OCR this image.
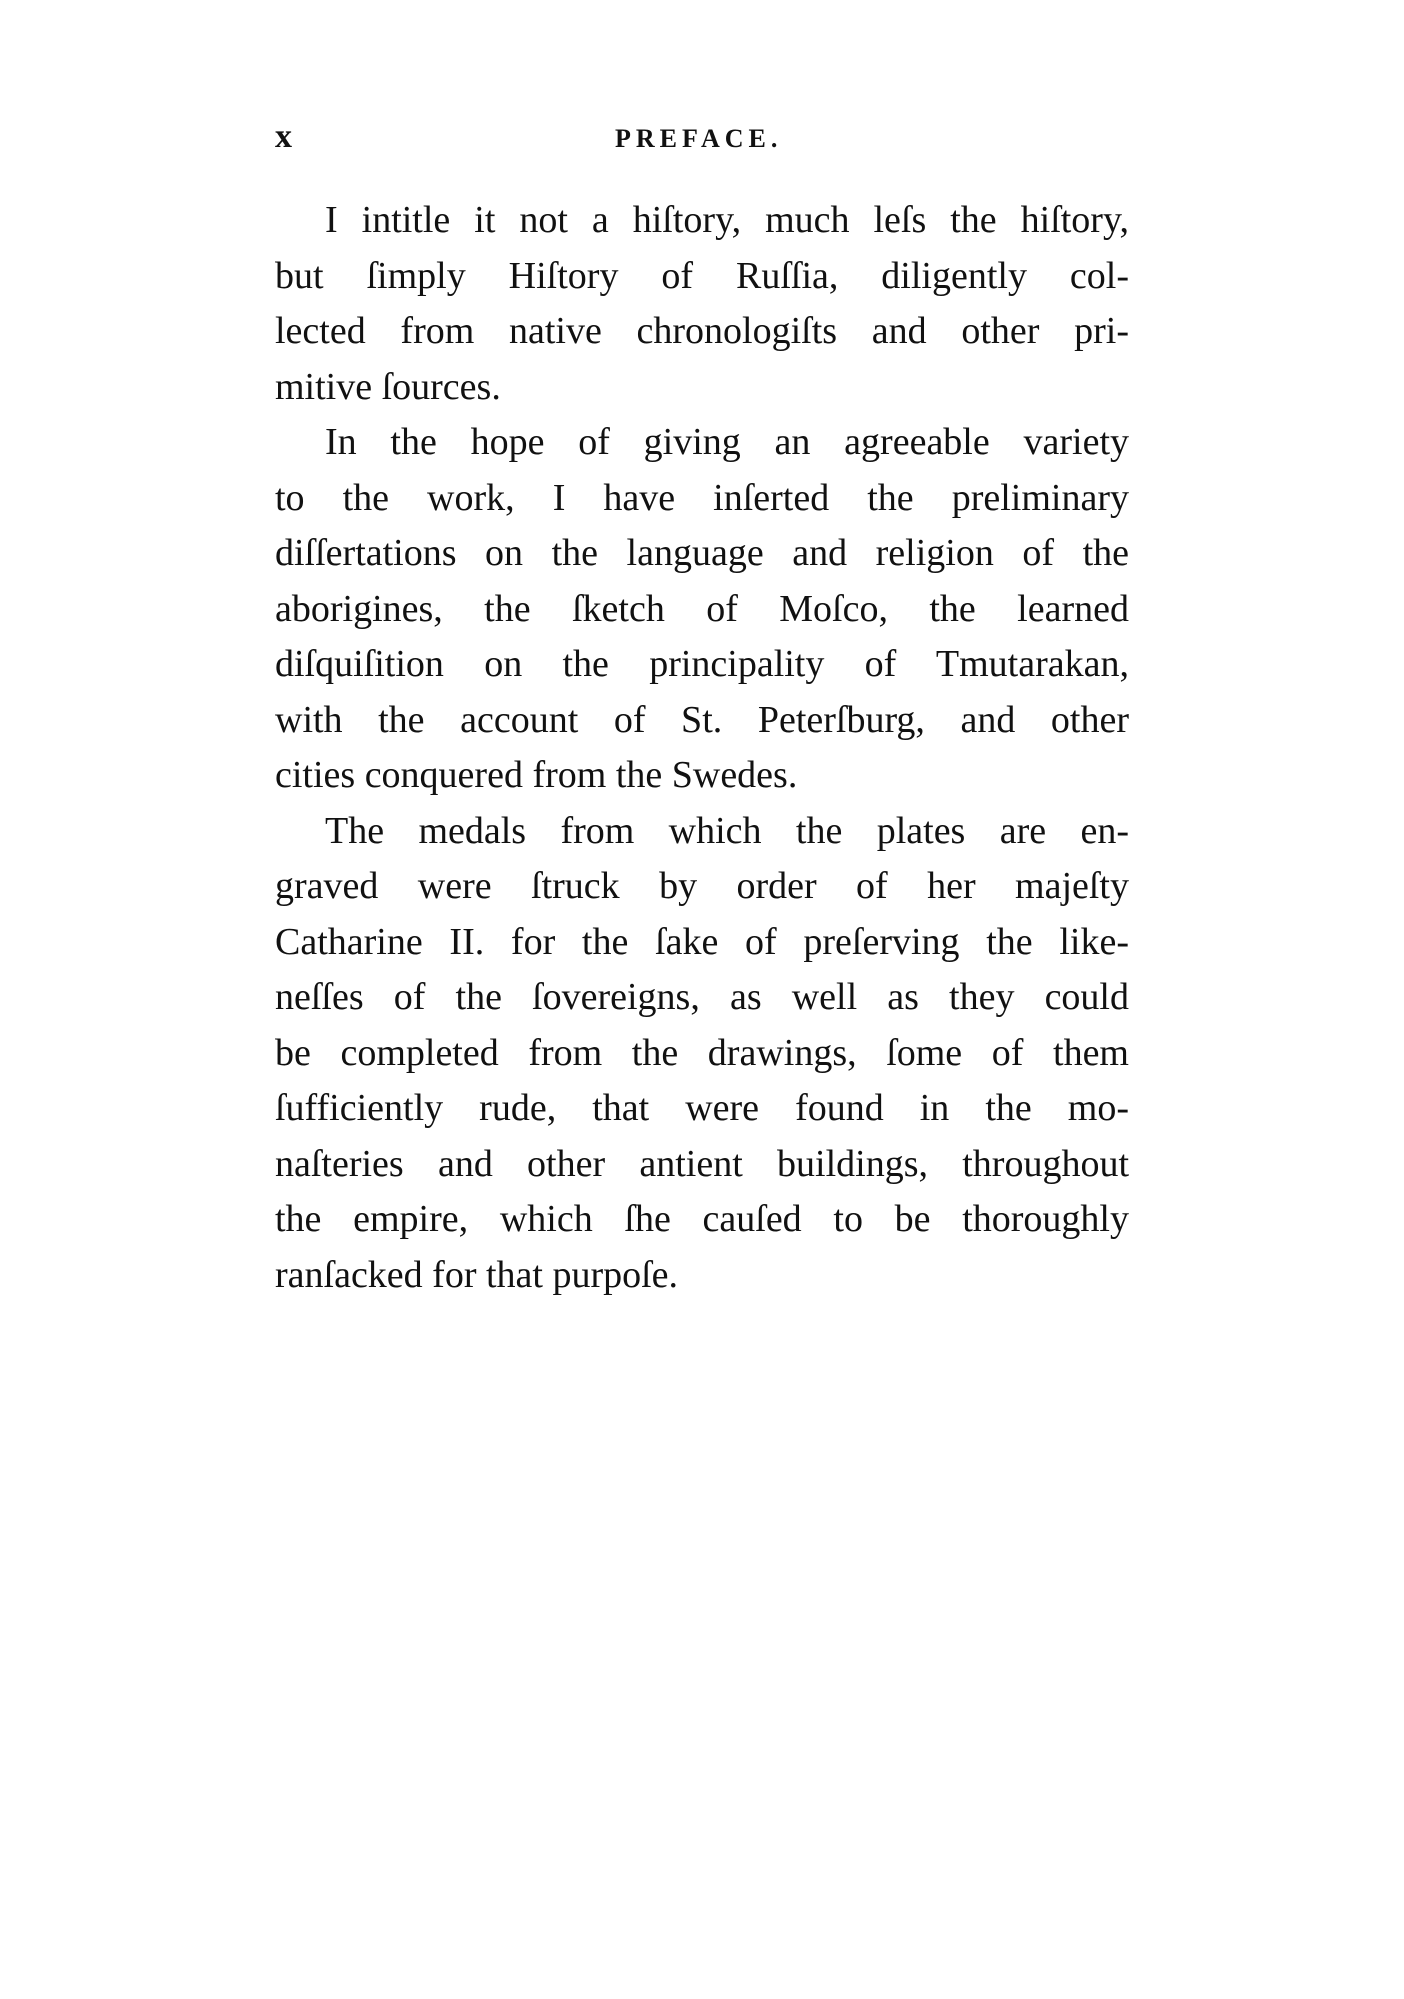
x	PREFACE.
I intitle it not a hiſtory, much leſs the hiſtory,
but ſimply Hiſtory of Ruſſia, diligently col-
lected from native chronologiſts and other pri-
mitive ſources.
In the hope of giving an agreeable variety
to the work, I have inſerted the preliminary
diſſertations on the language and religion of the
aborigines, the ſketch of Moſco, the learned
diſquiſition on the principality of Tmutarakan,
with the account of St. Peterſburg, and other
cities conquered from the Swedes.
The medals from which the plates are en-
graved were ſtruck by order of her majeſty
Catharine II. for the ſake of preſerving the like-
neſſes of the ſovereigns, as well as they could
be completed from the drawings, ſome of them
ſufficiently rude, that were found in the mo-
naſteries and other antient buildings, throughout
the empire, which ſhe cauſed to be thoroughly
ranſacked for that purpoſe.
